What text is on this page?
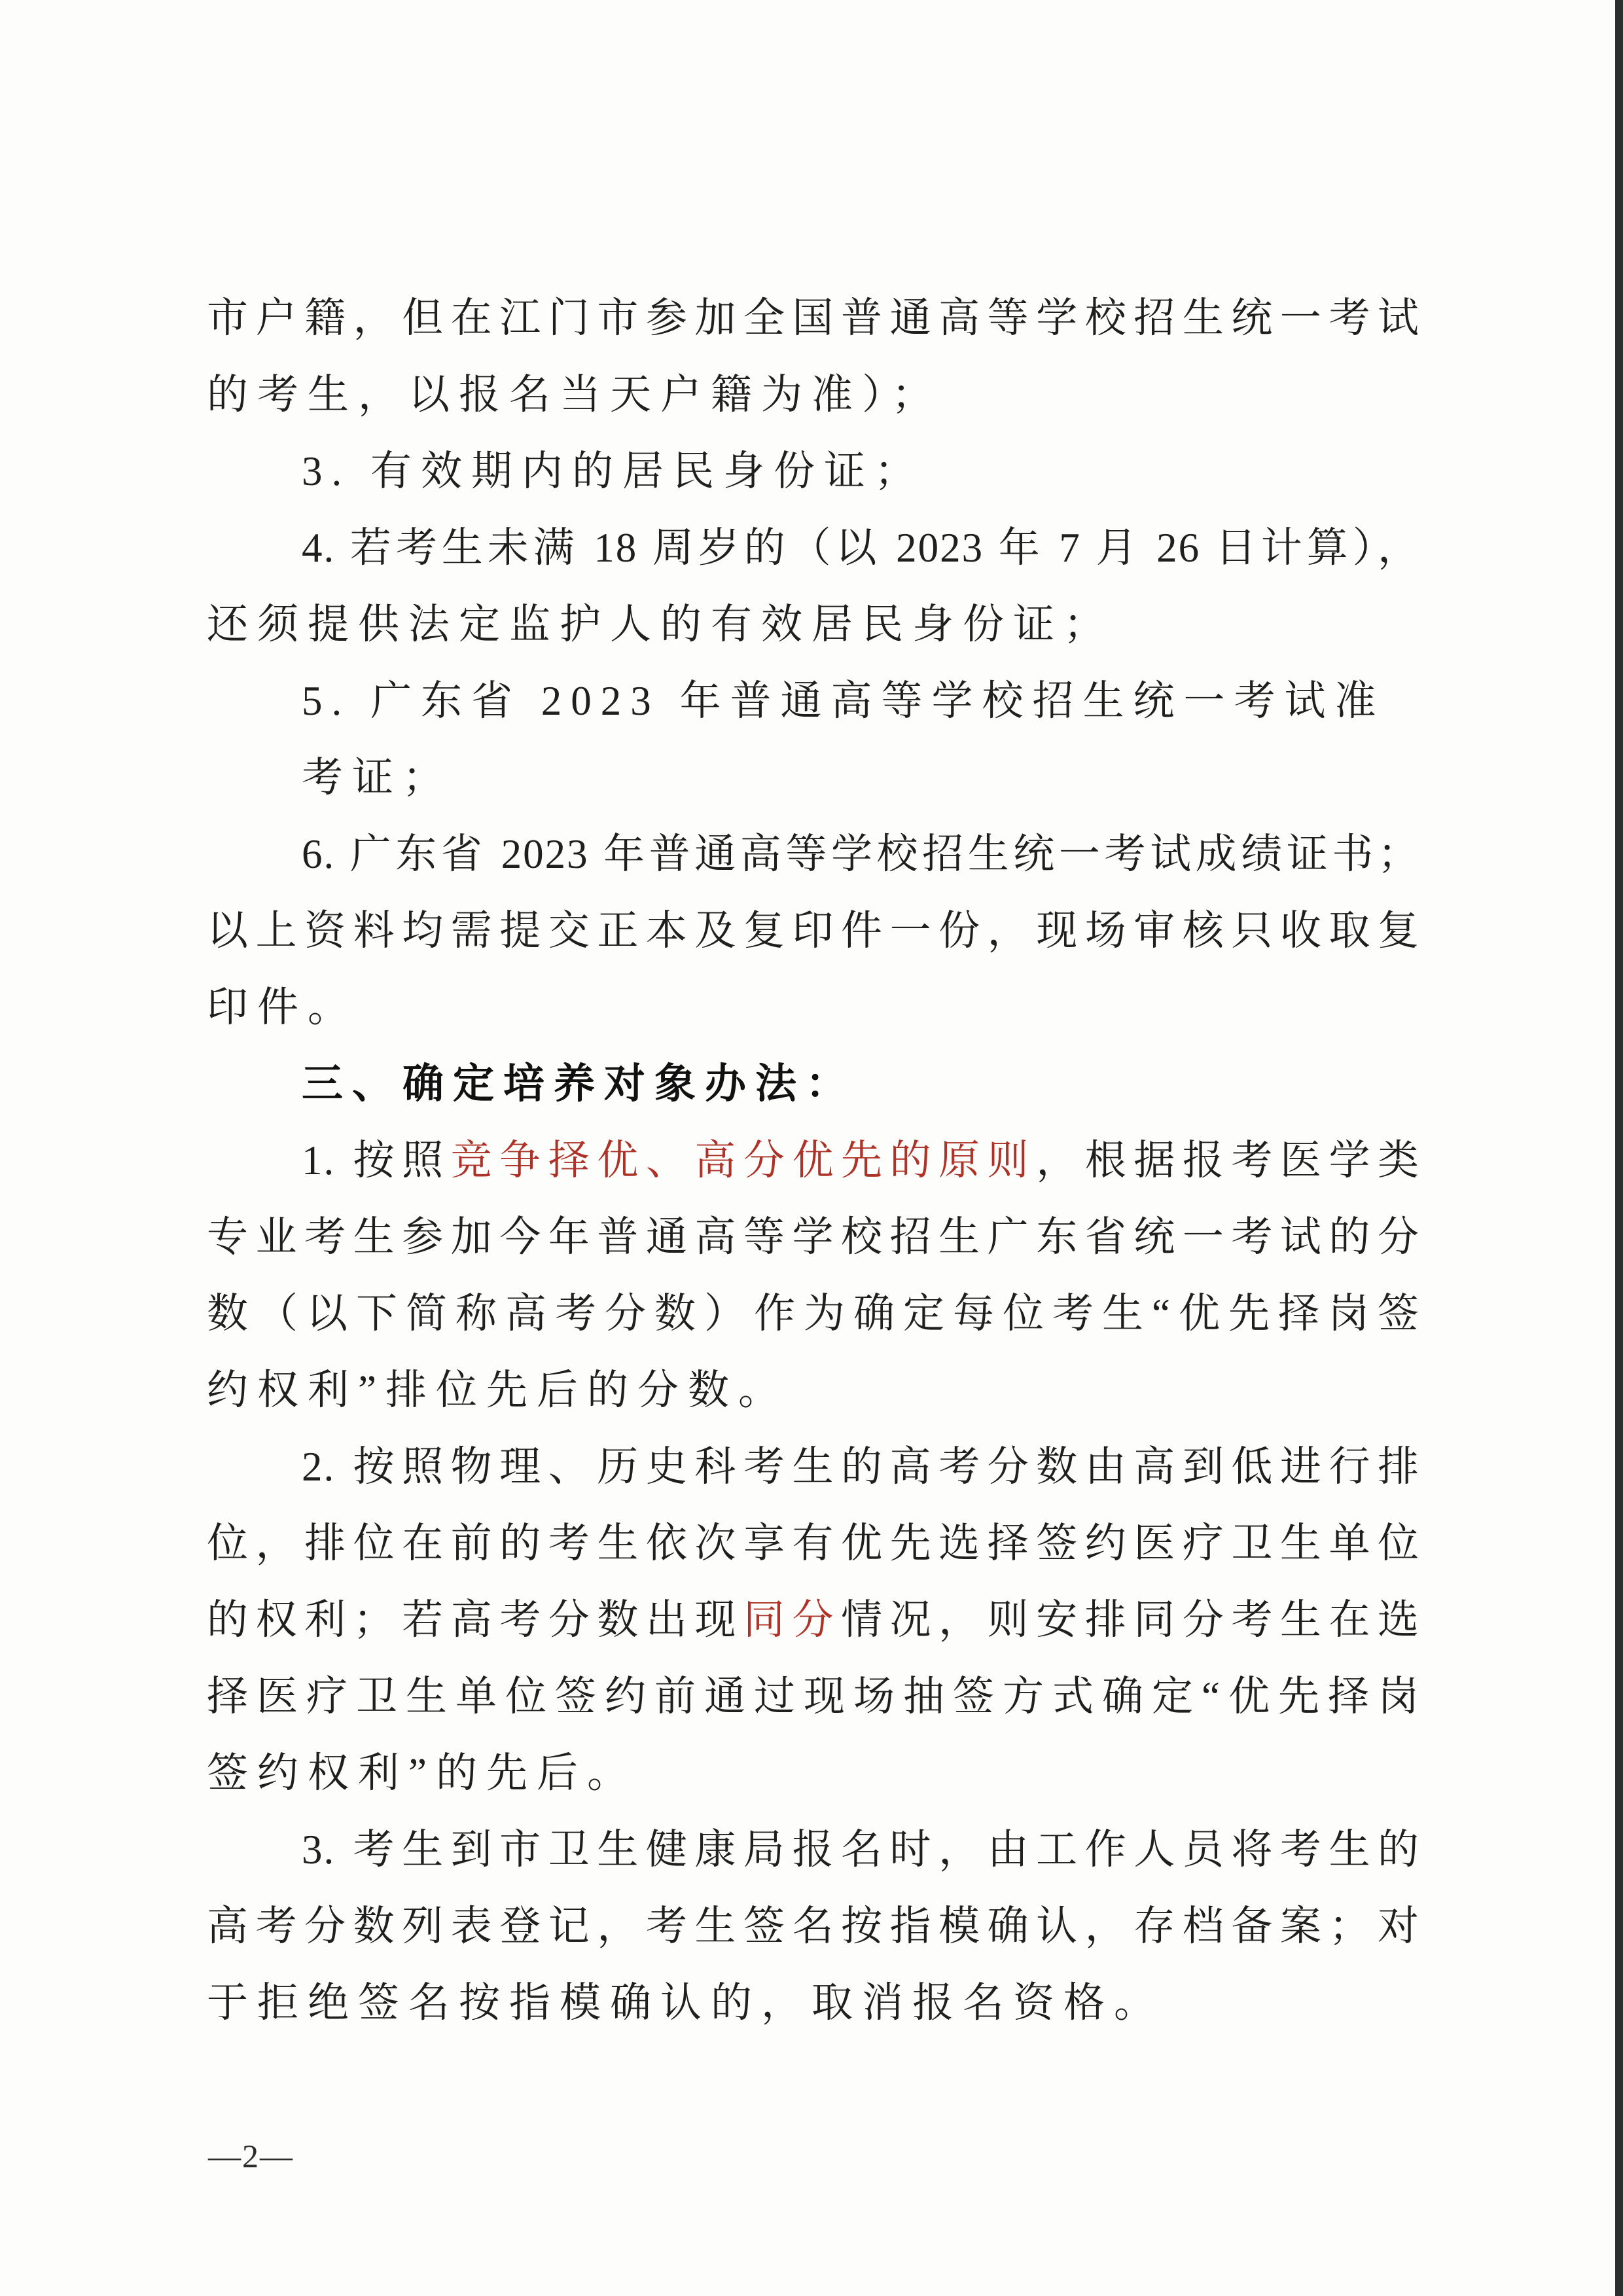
市户籍，但在江门市参加全国普通高等学校招生统一考试
的考生，以报名当天户籍为准）；
3. 有效期内的居民身份证；
4. 若考生未满 18 周岁的（以 2023 年 7 月 26 日计算），
还须提供法定监护人的有效居民身份证；
5. 广东省 2023 年普通高等学校招生统一考试准考证；
6. 广东省 2023 年普通高等学校招生统一考试成绩证书；
以上资料均需提交正本及复印件一份，现场审核只收取复
印件。
三、确定培养对象办法：
1. 按照竞争择优、高分优先的原则，根据报考医学类
专业考生参加今年普通高等学校招生广东省统一考试的分
数（以下简称高考分数）作为确定每位考生“优先择岗签
约权利”排位先后的分数。
2. 按照物理、历史科考生的高考分数由高到低进行排
位，排位在前的考生依次享有优先选择签约医疗卫生单位
的权利；若高考分数出现同分情况，则安排同分考生在选
择医疗卫生单位签约前通过现场抽签方式确定“优先择岗
签约权利”的先后。
3. 考生到市卫生健康局报名时，由工作人员将考生的
高考分数列表登记，考生签名按指模确认，存档备案；对
于拒绝签名按指模确认的，取消报名资格。
—2—
